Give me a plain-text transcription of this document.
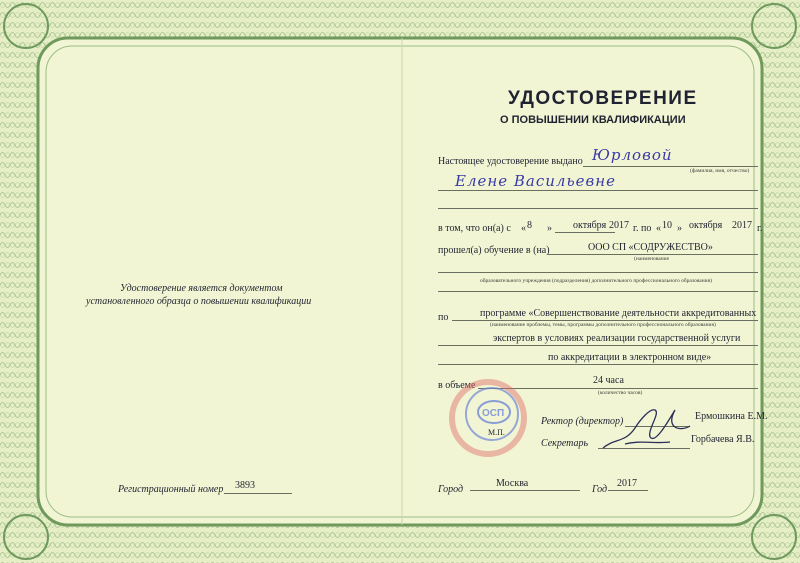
Удостоверение является документом
установленного образца о повышении квалификации
Регистрационный номер 3893
УДОСТОВЕРЕНИЕ
О ПОВЫШЕНИИ КВАЛИФИКАЦИИ
Настоящее удостоверение выдано Юрловой
(фамилия, имя, отчество)
Елене Васильевне
в том, что он(а) с « 8 » октября 2017 г. по « 10 » октября 2017 г.
прошел(а) обучение в (на)	ООО СП «СОДРУЖЕСТВО»
(наименование
образовательного учреждения (подразделения) дополнительного профессионального образования)
по	программе «Совершенствование деятельности аккредитованных
(наименование проблемы, темы, программы дополнительного профессионального образования)
экспертов в условиях реализации государственной услуги
по аккредитации в электронном виде»
в объеме	24 часа
(количество часов)
ОСП
М.П.
Ректор (директор)	Ермошкина Е.М.
Секретарь	Горбачева Я.В.
Город
Москва
Год
2017
